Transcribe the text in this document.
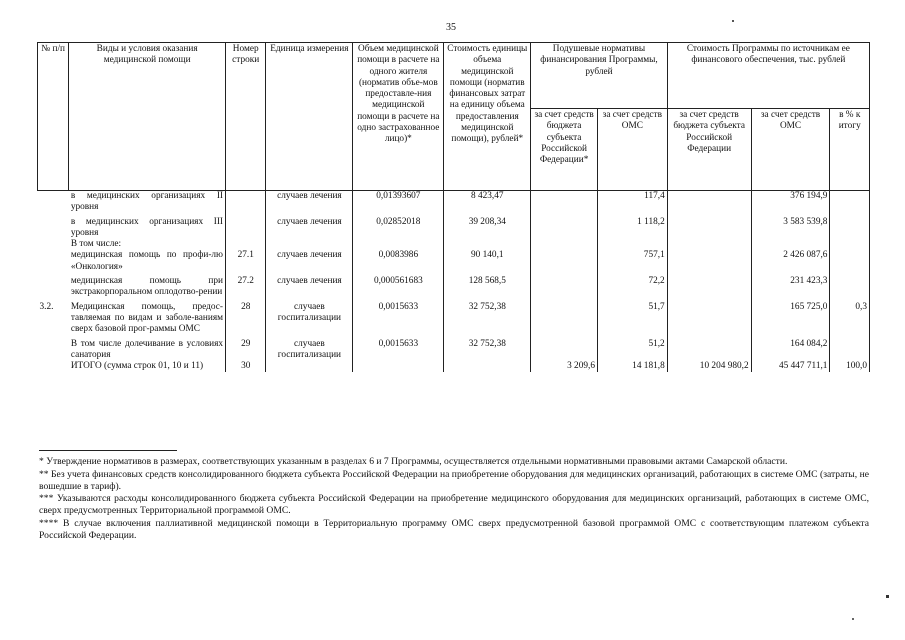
35
№ п/п	Виды и условия оказания медицинской помощи	Номер строки	Единица измерения	Объем медицинской помощи в расчете на одного жителя (норматив объе-мов предоставле-ния медицинской помощи в расчете на одно застрахованное лицо)*	Стоимость единицы объема медицинской помощи (норматив финансовых затрат на единицу объема предоставления медицинской помощи), рублей*	Подушевые нормативы финансирования Программы, рублей		Стоимость Программы по источникам ее финансового обеспечения, тыс. рублей		
						за счет средств бюджета субъекта Российской Федерации*	за счет средств ОМС	за счет средств бюджета субъекта Российской Федерации	за счет средств ОМС	в % к итогу
	в медицинских организациях II уровня		случаев лечения	0,01393607	8 423,47		117,4		376 194,9	

	в медицинских организациях III уровня		случаев лечения	0,02852018	39 208,34		1 118,2		3 583 539,8	
	В том числе:									
	медицинская помощь по профи-лю «Онкология»	27.1	случаев лечения	0,0083986	90 140,1		757,1		2 426 087,6	

	медицинская помощь при экстракорпоральном оплодотво-рении	27.2	случаев лечения	0,000561683	128 568,5		72,2		231 423,3	

3.2.	Медицинская помощь, предос-тавляемая по видам и заболе-ваниям сверх базовой прог-раммы ОМС	28	случаев госпитализации	0,0015633	32 752,38		51,7		165 725,0	0,3

	В том числе долечивание в условиях санатория	29	случаев госпитализации	0,0015633	32 752,38		51,2		164 084,2	
	ИТОГО (сумма строк 01, 10 и 11)	30				3 209,6	14 181,8	10 204 980,2	45 447 711,1	100,0

* Утверждение нормативов в размерах, соответствующих указанным в разделах 6 и 7 Программы, осуществляется отдельными нормативными правовыми актами Самарской области.

** Без учета финансовых средств консолидированного бюджета субъекта Российской Федерации на приобретение оборудования для медицинских организаций, работающих в системе ОМС (затраты, не вошедшие в тариф).

*** Указываются расходы консолидированного бюджета субъекта Российской Федерации на приобретение медицинского оборудования для медицинских организаций, работающих в системе ОМС, сверх предусмотренных Территориальной программой ОМС.

**** В случае включения паллиативной медицинской помощи в Территориальную программу ОМС сверх предусмотренной базовой программой ОМС с соответствующим платежом субъекта Российской Федерации.
